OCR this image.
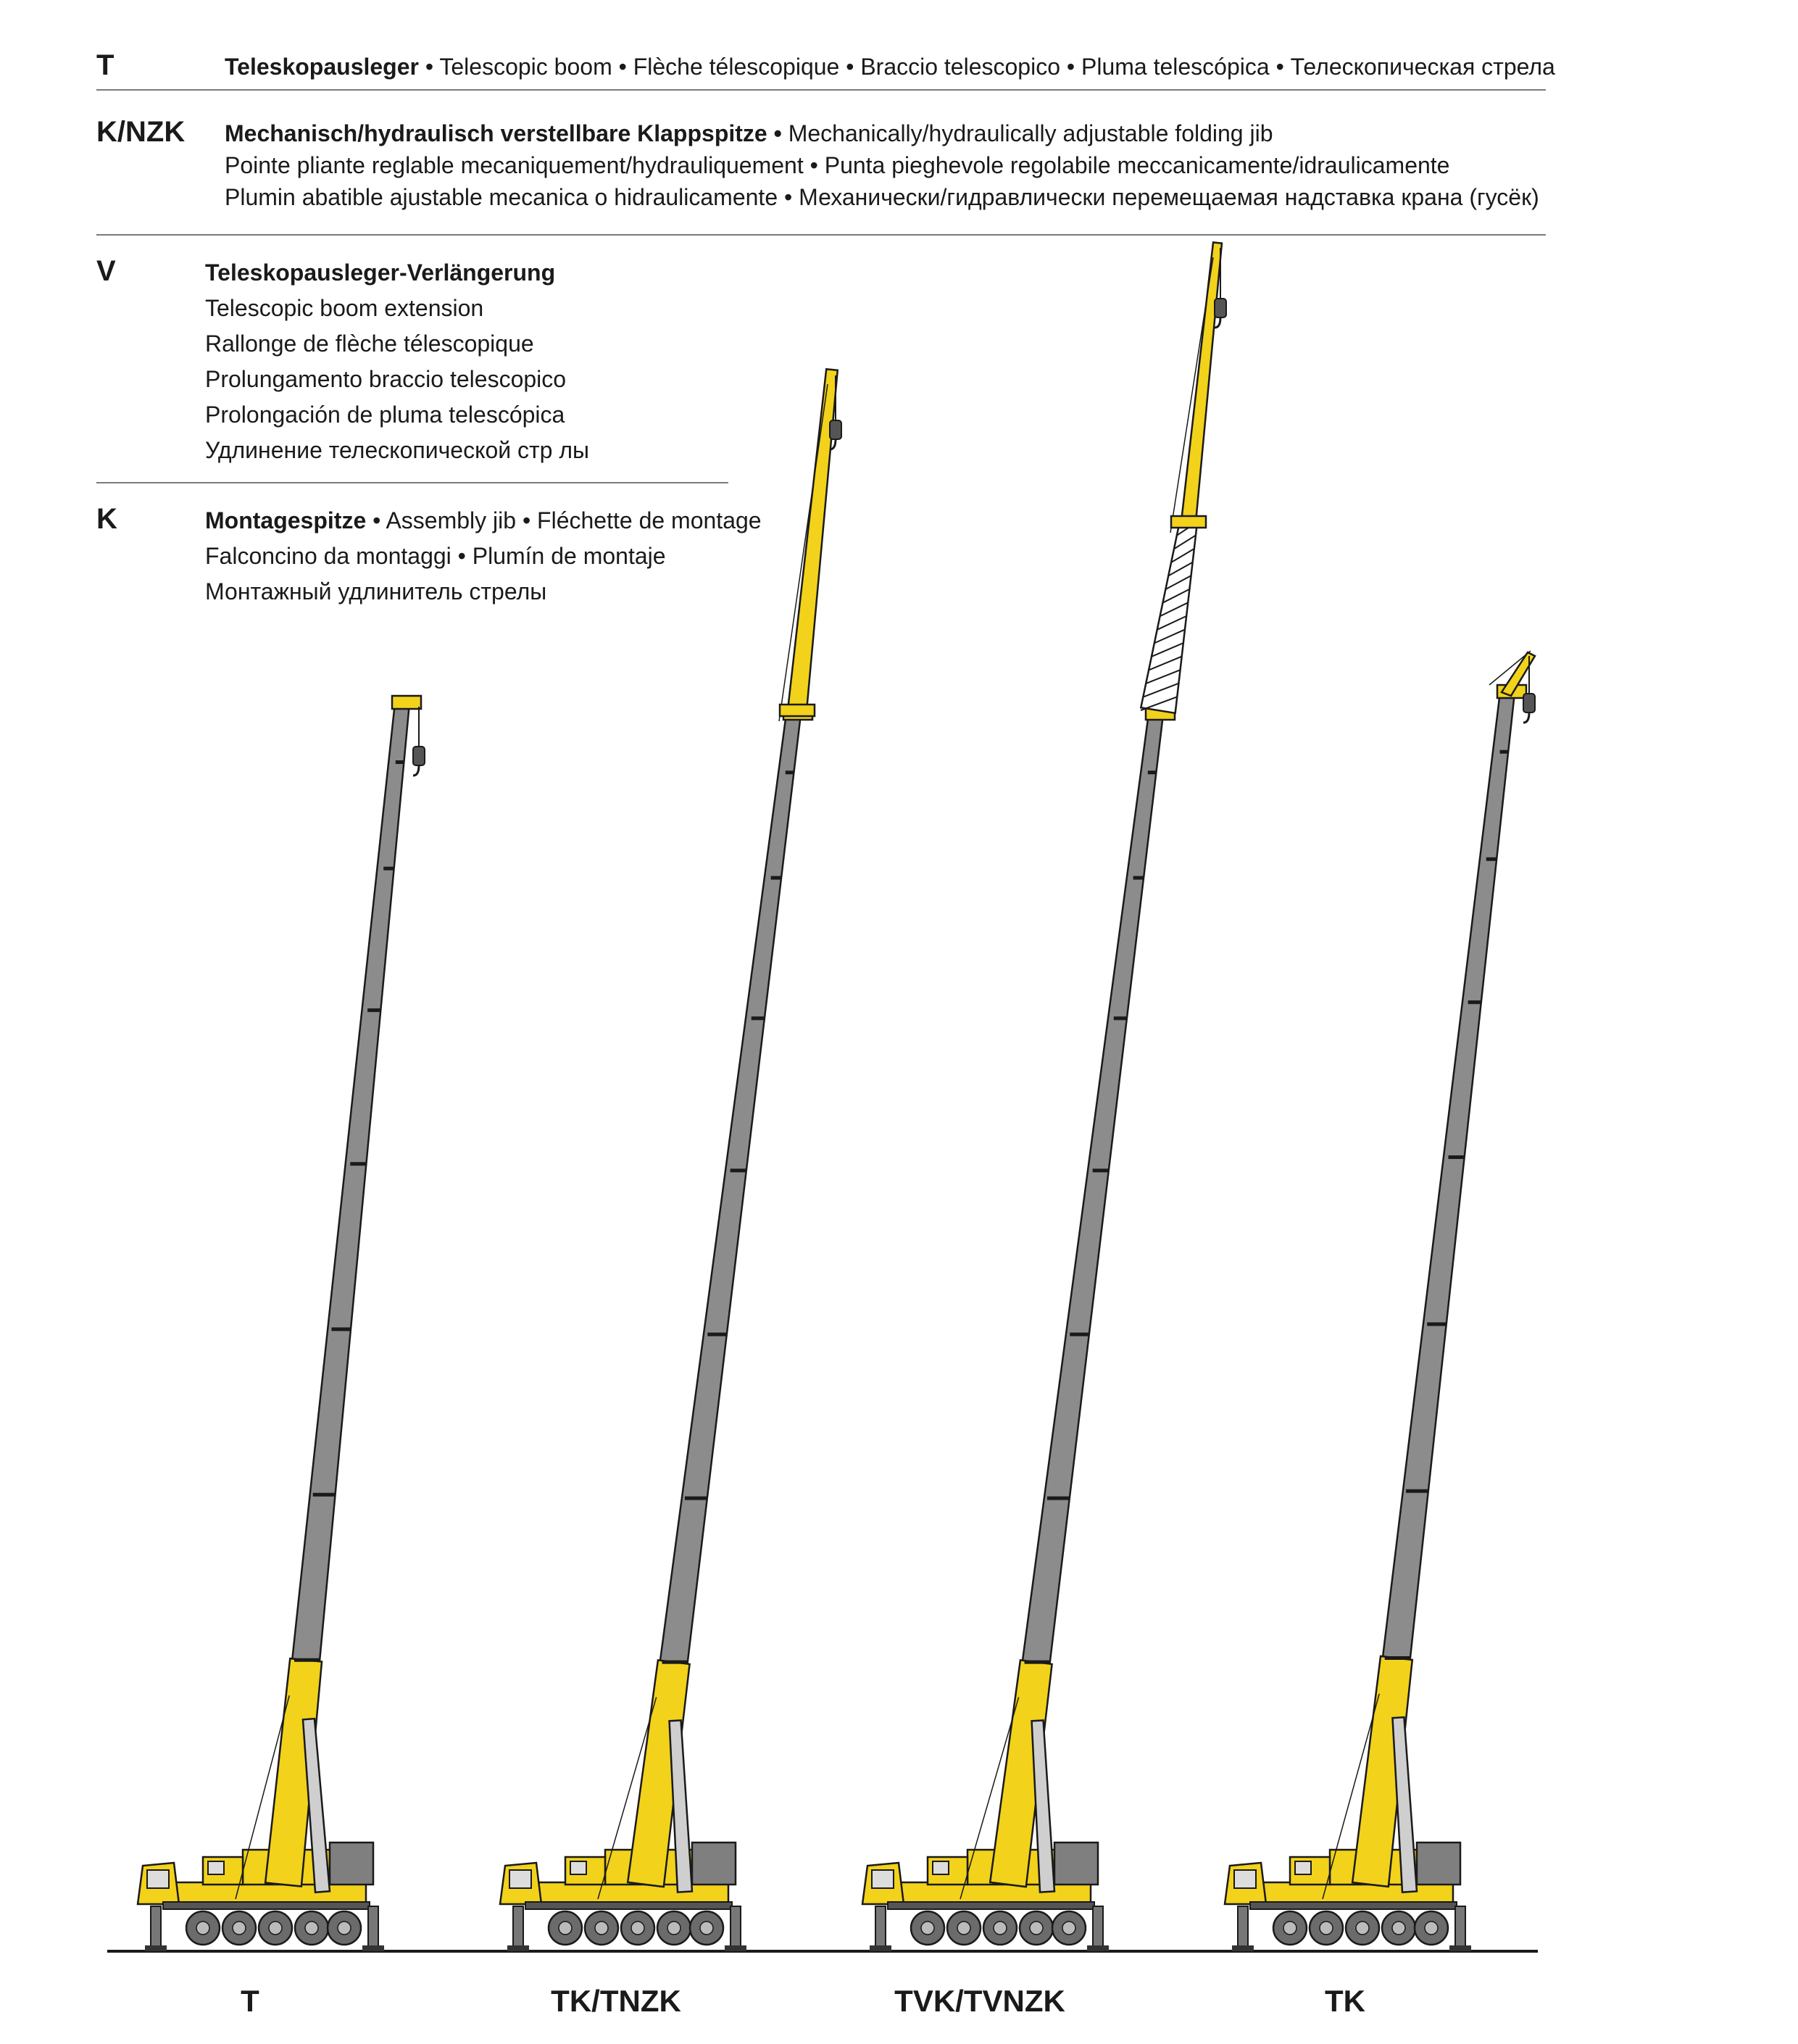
T	Teleskopausleger • Telescopic boom • Flèche télescopique • Braccio telescopico • Pluma telescópica • Телескопическая стрела
K/NZK Mechanisch/hydraulisch verstellbare Klappspitze • Mechanically/hydraulically adjustable folding jib
Pointe pliante reglable mecaniquement/hydrauliquement • Punta pieghevole regolabile meccanicamente/idraulicamente
Plumin abatible ajustable mecanica o hidraulicamente • Механически/гидравлически перемещаемая надставка крана (гусёк)
V	Teleskopausleger-Verlängerung
Telescopic boom extension
Rallonge de flèche télescopique
Prolungamento braccio telescopico
Prolongación de pluma telescópica
Удлинение телескопической стр лы
K	Montagespitze • Assembly jib • Fléchette de montage
Falconcino da montaggi • Plumín de montaje
Монтажный удлинитель стрелы
T	TK/TNZK	TVK/TVNZK	TK
